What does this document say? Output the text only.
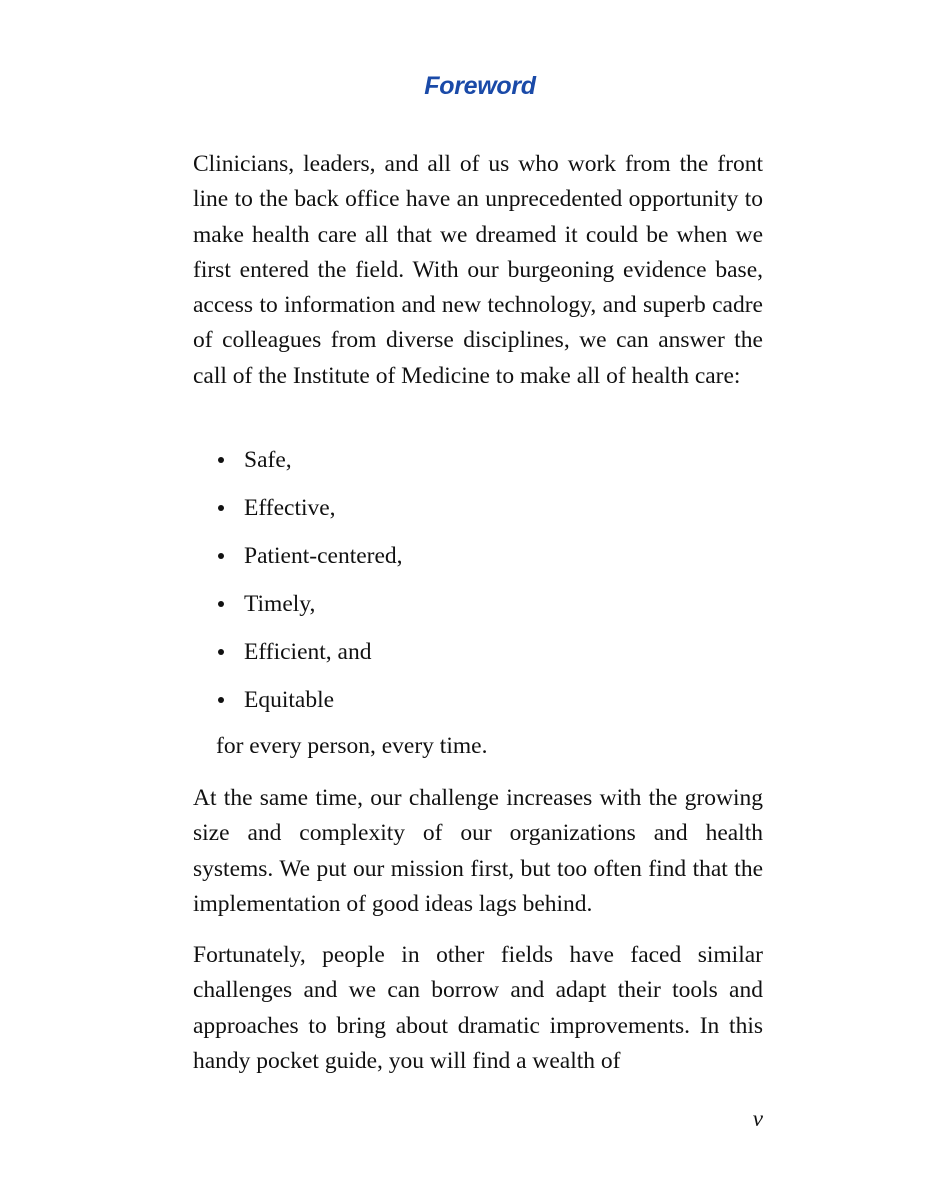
Foreword

Clinicians, leaders, and all of us who work from the front line to the back office have an unprecedented opportunity to make health care all that we dreamed it could be when we first entered the field. With our burgeoning evidence base, access to information and new technology, and superb cadre of colleagues from diverse disciplines, we can answer the call of the Institute of Medicine to make all of health care:

Safe,
Effective,
Patient-centered,
Timely,
Efficient, and
Equitable

for every person, every time.

At the same time, our challenge increases with the growing size and complexity of our organizations and health systems. We put our mission first, but too often find that the implementation of good ideas lags behind.

Fortunately, people in other fields have faced similar challenges and we can borrow and adapt their tools and approaches to bring about dramatic improvements. In this handy pocket guide, you will find a wealth of

v
